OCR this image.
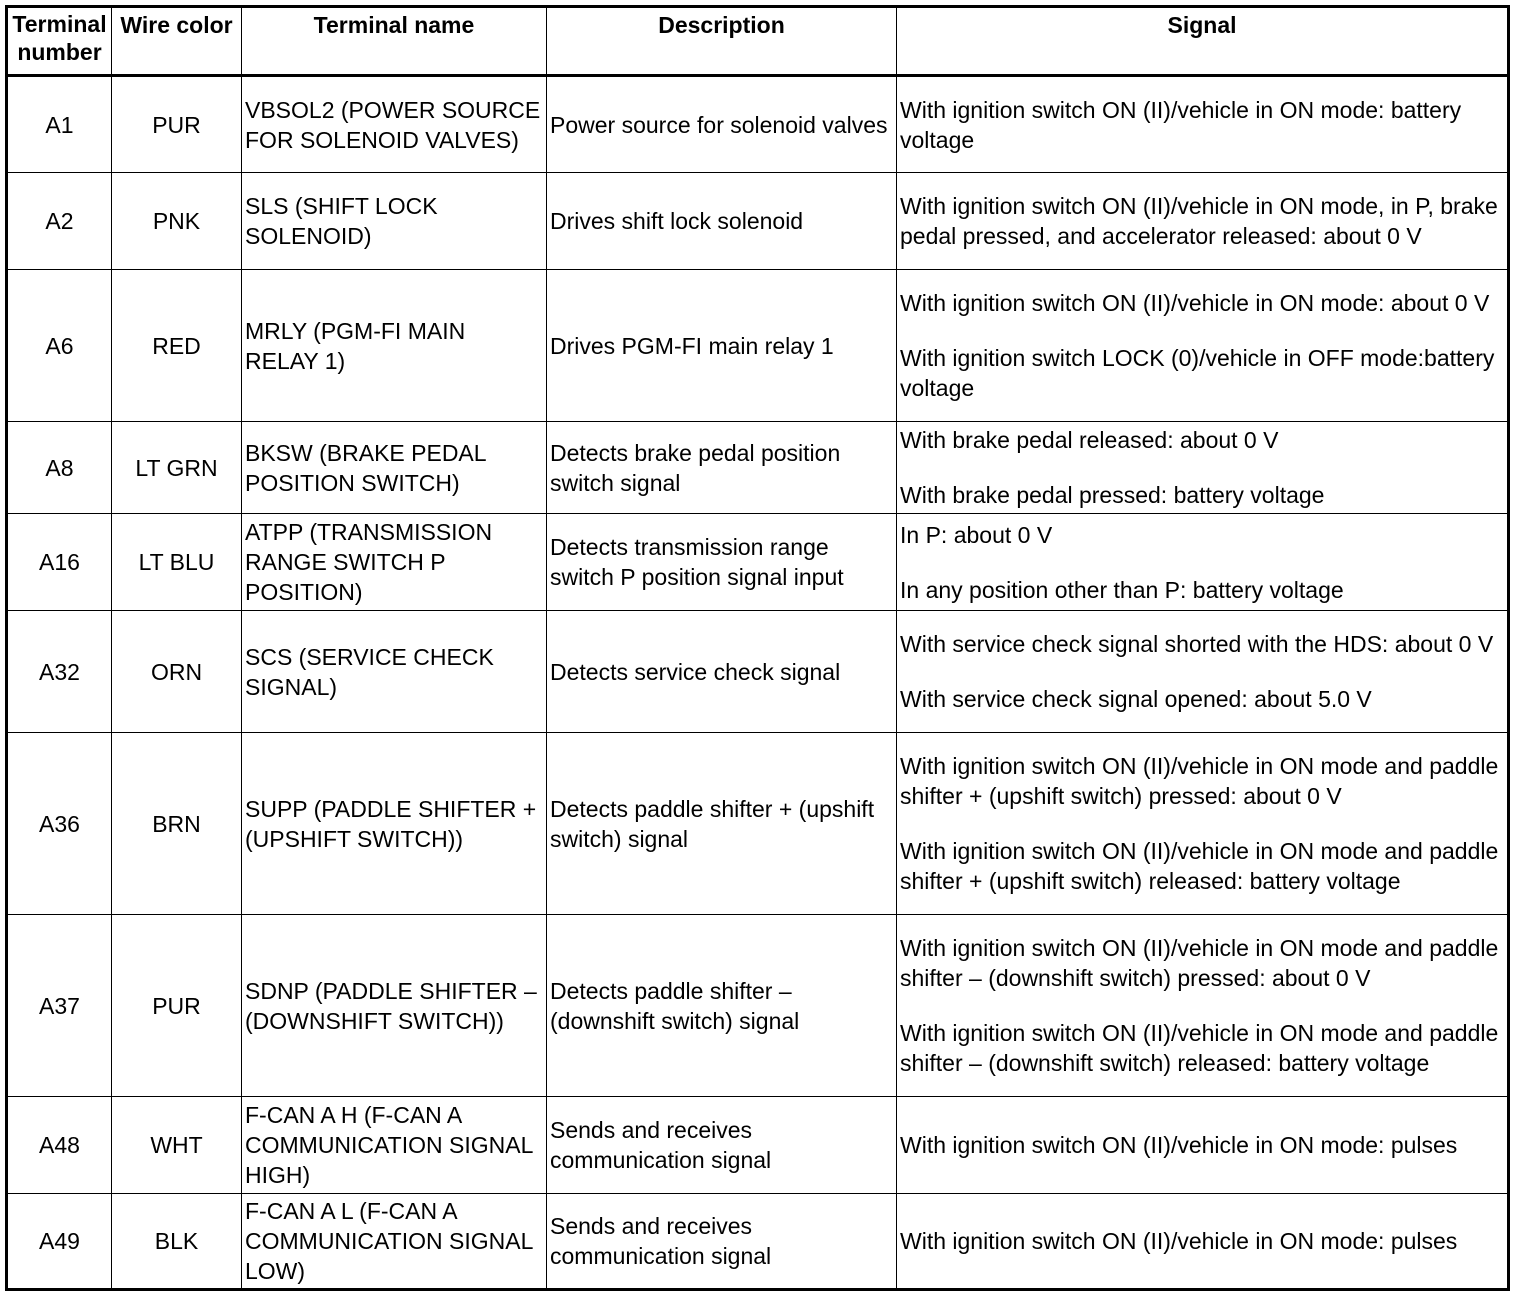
Terminal number	Wire color	Terminal name	Description	Signal
A1	PUR	VBSOL2 (POWER SOURCE FOR SOLENOID VALVES)	Power source for solenoid valves	With ignition switch ON (II)/vehicle in ON mode: battery voltage

A2	PNK	SLS (SHIFT LOCK SOLENOID)	Drives shift lock solenoid	With ignition switch ON (II)/vehicle in ON mode, in P, brake pedal pressed, and accelerator released: about 0 V

A6	RED	MRLY (PGM-FI MAIN RELAY 1)	Drives PGM-FI main relay 1	With ignition switch ON (II)/vehicle in ON mode: about 0 V
With ignition switch LOCK (0)/vehicle in OFF mode:battery voltage

A8	LT GRN	BKSW (BRAKE PEDAL POSITION SWITCH)	Detects brake pedal position switch signal	With brake pedal released: about 0 V
With brake pedal pressed: battery voltage

A16	LT BLU	ATPP (TRANSMISSION RANGE SWITCH P POSITION)	Detects transmission range switch P position signal input	In P: about 0 V
In any position other than P: battery voltage

A32	ORN	SCS (SERVICE CHECK SIGNAL)	Detects service check signal	With service check signal shorted with the HDS: about 0 V
With service check signal opened: about 5.0 V

A36	BRN	SUPP (PADDLE SHIFTER + (UPSHIFT SWITCH))	Detects paddle shifter + (upshift switch) signal	With ignition switch ON (II)/vehicle in ON mode and paddle shifter + (upshift switch) pressed: about 0 V
With ignition switch ON (II)/vehicle in ON mode and paddle shifter + (upshift switch) released: battery voltage

A37	PUR	SDNP (PADDLE SHIFTER – (DOWNSHIFT SWITCH))	Detects paddle shifter – (downshift switch) signal	With ignition switch ON (II)/vehicle in ON mode and paddle shifter – (downshift switch) pressed: about 0 V
With ignition switch ON (II)/vehicle in ON mode and paddle shifter – (downshift switch) released: battery voltage

A48	WHT	F-CAN A H (F-CAN A COMMUNICATION SIGNAL HIGH)	Sends and receives communication signal	With ignition switch ON (II)/vehicle in ON mode: pulses

A49	BLK	F-CAN A L (F-CAN A COMMUNICATION SIGNAL LOW)	Sends and receives communication signal	With ignition switch ON (II)/vehicle in ON mode: pulses
